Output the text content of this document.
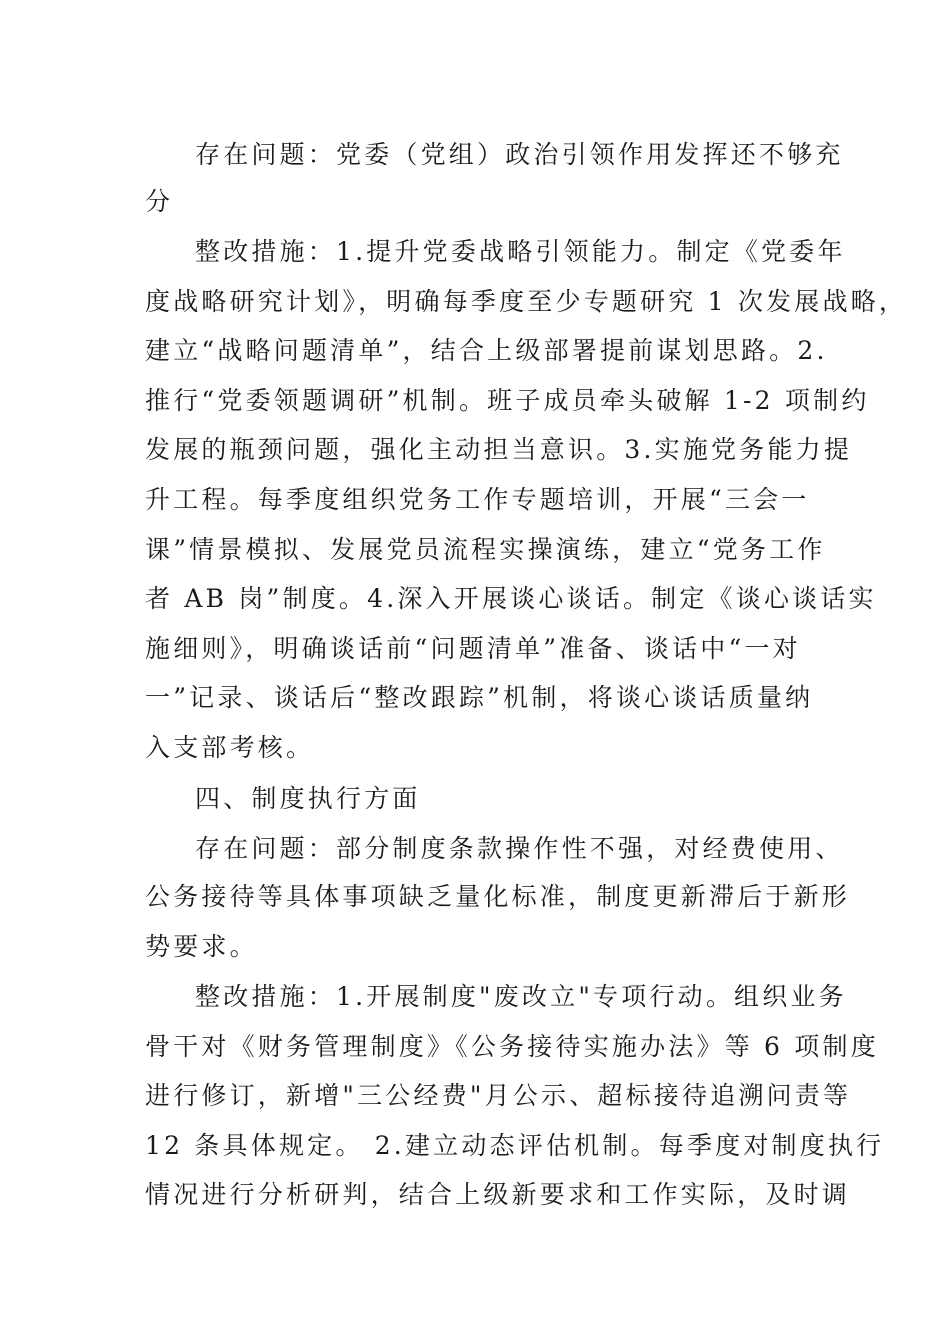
存在问题：党委（党组）政治引领作用发挥还不够充
分
整改措施：1.提升党委战略引领能力。制定《党委年
度战略研究计划》，明确每季度至少专题研究 1 次发展战略，
建立“战略问题清单”，结合上级部署提前谋划思路。2.
推行“党委领题调研”机制。班子成员牵头破解 1-2 项制约
发展的瓶颈问题，强化主动担当意识。3.实施党务能力提
升工程。每季度组织党务工作专题培训，开展“三会一
课”情景模拟、发展党员流程实操演练，建立“党务工作
者 AB 岗”制度。4.深入开展谈心谈话。制定《谈心谈话实
施细则》，明确谈话前“问题清单”准备、谈话中“一对
一”记录、谈话后“整改跟踪”机制，将谈心谈话质量纳
入支部考核。
四、制度执行方面
存在问题：部分制度条款操作性不强，对经费使用、
公务接待等具体事项缺乏量化标准，制度更新滞后于新形
势要求。
整改措施：1.开展制度"废改立"专项行动。组织业务
骨干对《财务管理制度》《公务接待实施办法》等 6 项制度
进行修订，新增"三公经费"月公示、超标接待追溯问责等
12 条具体规定。 2.建立动态评估机制。每季度对制度执行
情况进行分析研判，结合上级新要求和工作实际，及时调
